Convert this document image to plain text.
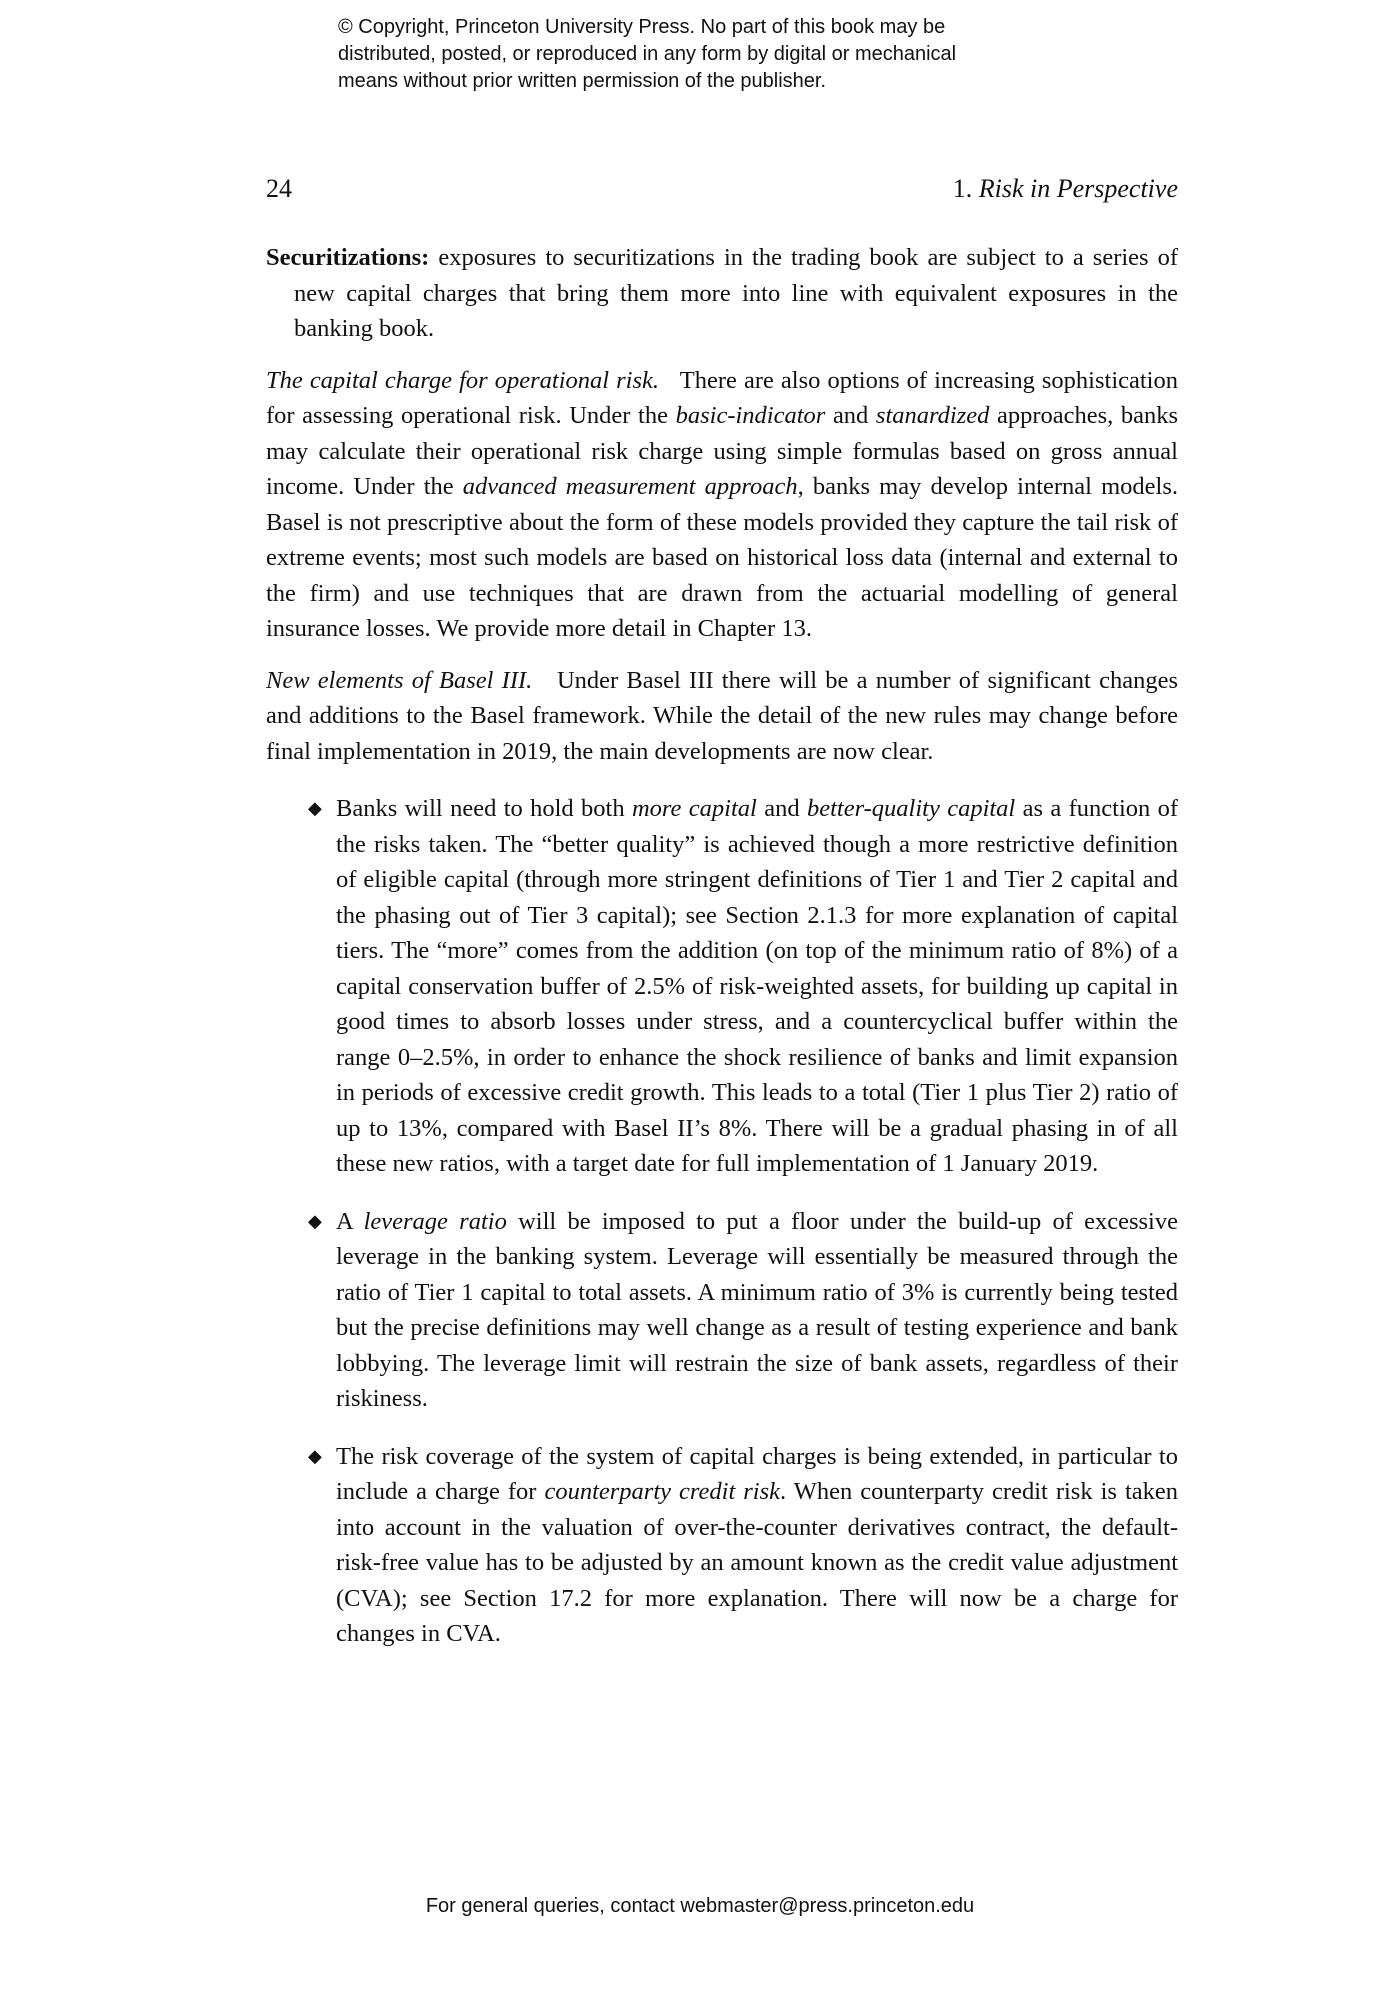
© Copyright, Princeton University Press. No part of this book may be
distributed, posted, or reproduced in any form by digital or mechanical
means without prior written permission of the publisher.
24	1. Risk in Perspective

Securitizations: exposures to securitizations in the trading book are subject to a series of new capital charges that bring them more into line with equivalent exposures in the banking book.

The capital charge for operational risk. There are also options of increasing sophistication for assessing operational risk. Under the basic-indicator and stanardized approaches, banks may calculate their operational risk charge using simple formulas based on gross annual income. Under the advanced measurement approach, banks may develop internal models. Basel is not prescriptive about the form of these models provided they capture the tail risk of extreme events; most such models are based on historical loss data (internal and external to the firm) and use techniques that are drawn from the actuarial modelling of general insurance losses. We provide more detail in Chapter 13.

New elements of Basel III. Under Basel III there will be a number of significant changes and additions to the Basel framework. While the detail of the new rules may change before final implementation in 2019, the main developments are now clear.

◆ Banks will need to hold both more capital and better-quality capital as a function of the risks taken. The “better quality” is achieved though a more restrictive definition of eligible capital (through more stringent definitions of Tier 1 and Tier 2 capital and the phasing out of Tier 3 capital); see Section 2.1.3 for more explanation of capital tiers. The “more” comes from the addition (on top of the minimum ratio of 8%) of a capital conservation buffer of 2.5% of risk-weighted assets, for building up capital in good times to absorb losses under stress, and a countercyclical buffer within the range 0–2.5%, in order to enhance the shock resilience of banks and limit expansion in periods of excessive credit growth. This leads to a total (Tier 1 plus Tier 2) ratio of up to 13%, compared with Basel II’s 8%. There will be a gradual phasing in of all these new ratios, with a target date for full implementation of 1 January 2019.
◆ A leverage ratio will be imposed to put a floor under the build-up of excessive leverage in the banking system. Leverage will essentially be measured through the ratio of Tier 1 capital to total assets. A minimum ratio of 3% is currently being tested but the precise definitions may well change as a result of testing experience and bank lobbying. The leverage limit will restrain the size of bank assets, regardless of their riskiness.
◆ The risk coverage of the system of capital charges is being extended, in particular to include a charge for counterparty credit risk. When counterparty credit risk is taken into account in the valuation of over-the-counter derivatives contract, the default-risk-free value has to be adjusted by an amount known as the credit value adjustment (CVA); see Section 17.2 for more explanation. There will now be a charge for changes in CVA.
For general queries, contact webmaster@press.princeton.edu
